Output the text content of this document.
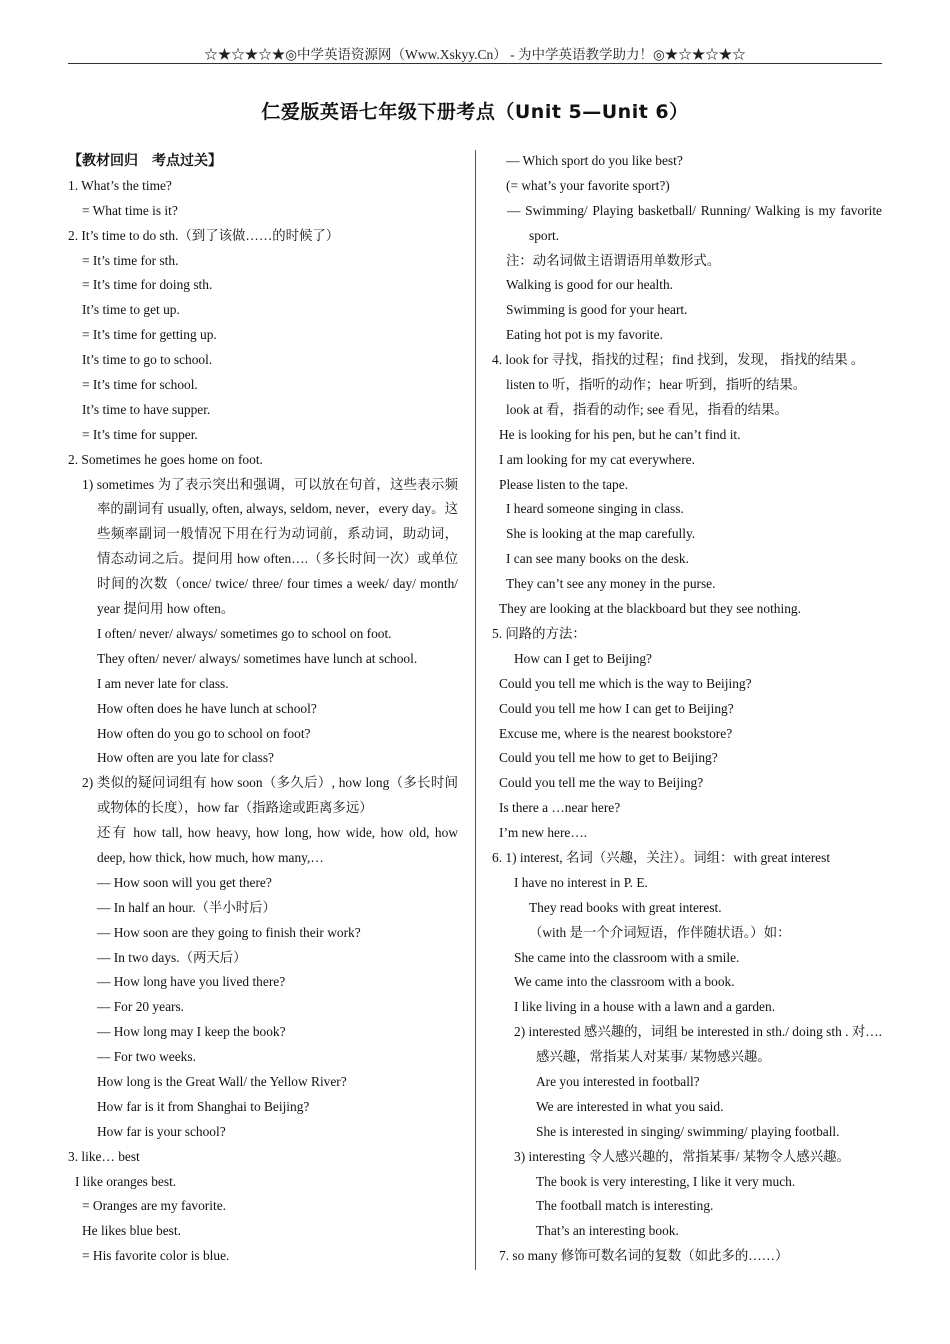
☆★☆★☆★◎中学英语资源网（Www.Xskyy.Cn） - 为中学英语教学助力！◎★☆★☆★☆
仁爱版英语七年级下册考点（Unit 5—Unit 6）
【教材回归　考点过关】
1. What’s the time?
= What time is it?
2. It’s time to do sth.（到了该做……的时候了）
= It’s time for sth.
= It’s time for doing sth.
It’s time to get up.
= It’s time for getting up.
It’s time to go to school.
= It’s time for school.
It’s time to have supper.
= It’s time for supper.
2. Sometimes he goes home on foot.
1) sometimes 为了表示突出和强调，可以放在句首，这些表示频率的副词有 usually, often, always, seldom, never，every day。这些频率副词一般情况下用在行为动词前，系动词，助动词，情态动词之后。提问用 how often….（多长时间一次）或单位时间的次数（once/ twice/ three/ four times a week/ day/ month/ year 提问用 how often。
I often/ never/ always/ sometimes go to school on foot.
They often/ never/ always/ sometimes have lunch at school.
I am never late for class.
How often does he have lunch at school?
How often do you go to school on foot?
How often are you late for class?
2) 类似的疑问词组有 how soon（多久后）, how long（多长时间或物体的长度），how far（指路途或距离多远）
还有 how tall, how heavy, how long, how wide, how old, how deep, how thick, how much, how many,…
— How soon will you get there?
— In half an hour.（半小时后）
— How soon are they going to finish their work?
— In two days.（两天后）
— How long have you lived there?
— For 20 years.
— How long may I keep the book?
— For two weeks.
How long is the Great Wall/ the Yellow River?
How far is it from Shanghai to Beijing?
How far is your school?
3. like… best
I like oranges best.
= Oranges are my favorite.
He likes blue best.
= His favorite color is blue.
— Which sport do you like best?
(= what’s your favorite sport?)
— Swimming/ Playing basketball/ Running/ Walking is my favorite sport.
注：动名词做主语谓语用单数形式。
Walking is good for our health.
Swimming is good for your heart.
Eating hot pot is my favorite.
4. look for 寻找，指找的过程；find 找到，发现， 指找的结果 。
listen to 听，指听的动作；hear 听到，指听的结果。
look at 看，指看的动作; see 看见，指看的结果。
He is looking for his pen, but he can’t find it.
I am looking for my cat everywhere.
Please listen to the tape.
I heard someone singing in class.
She is looking at the map carefully.
I can see many books on the desk.
They can’t see any money in the purse.
They are looking at the blackboard but they see nothing.
5. 问路的方法：
How can I get to Beijing?
Could you tell me which is the way to Beijing?
Could you tell me how I can get to Beijing?
Excuse me, where is the nearest bookstore?
Could you tell me how to get to Beijing?
Could you tell me the way to Beijing?
Is there a …near here?
I’m new here….
6. 1) interest, 名词（兴趣，关注）。词组：with great interest
I have no interest in P. E.
They read books with great interest.
（with 是一个介词短语，作伴随状语。）如：
She came into the classroom with a smile.
We came into the classroom with a book.
I like living in a house with a lawn and a garden.
2) interested 感兴趣的，词组 be interested in sth./ doing sth . 对…. 感兴趣，常指某人对某事/ 某物感兴趣。
Are you interested in football?
We are interested in what you said.
She is interested in singing/ swimming/ playing football.
3) interesting 令人感兴趣的，常指某事/ 某物令人感兴趣。
The book is very interesting, I like it very much.
The football match is interesting.
That’s an interesting book.
7. so many 修饰可数名词的复数（如此多的……）
